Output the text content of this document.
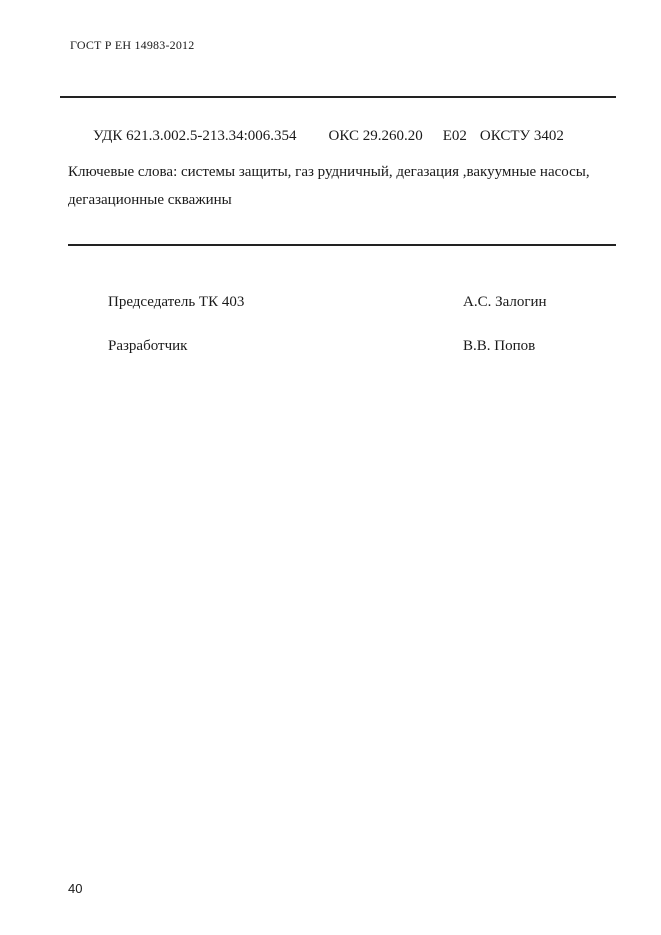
ГОСТ Р ЕН 14983-2012
УДК 621.3.002.5-213.34:006.354 ОКС 29.260.20 Е02 ОКСТУ 3402
Ключевые слова: системы защиты, газ рудничный, дегазация ,вакуумные насосы,
дегазационные скважины
Председатель ТК 403	А.С. Залогин
Разработчик	В.В. Попов
40
